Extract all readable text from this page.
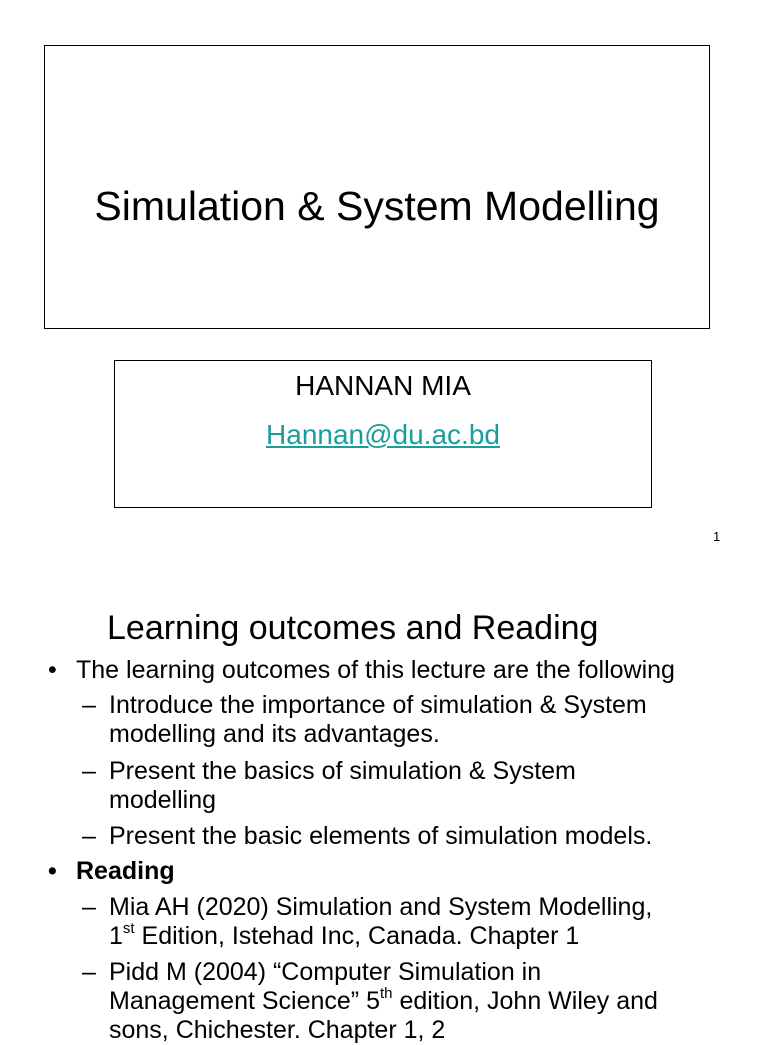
Simulation & System Modelling
HANNAN MIA
Hannan@du.ac.bd
1
Learning outcomes and Reading
• The learning outcomes of this lecture are the following
– Introduce the importance of simulation & System
modelling and its advantages.
– Present the basics of simulation & System
modelling
– Present the basic elements of simulation models.
• Reading
– Mia AH (2020) Simulation and System Modelling,
1st Edition, Istehad Inc, Canada. Chapter 1
– Pidd M (2004) “Computer Simulation in
Management Science” 5th edition, John Wiley and
sons, Chichester. Chapter 1, 2
